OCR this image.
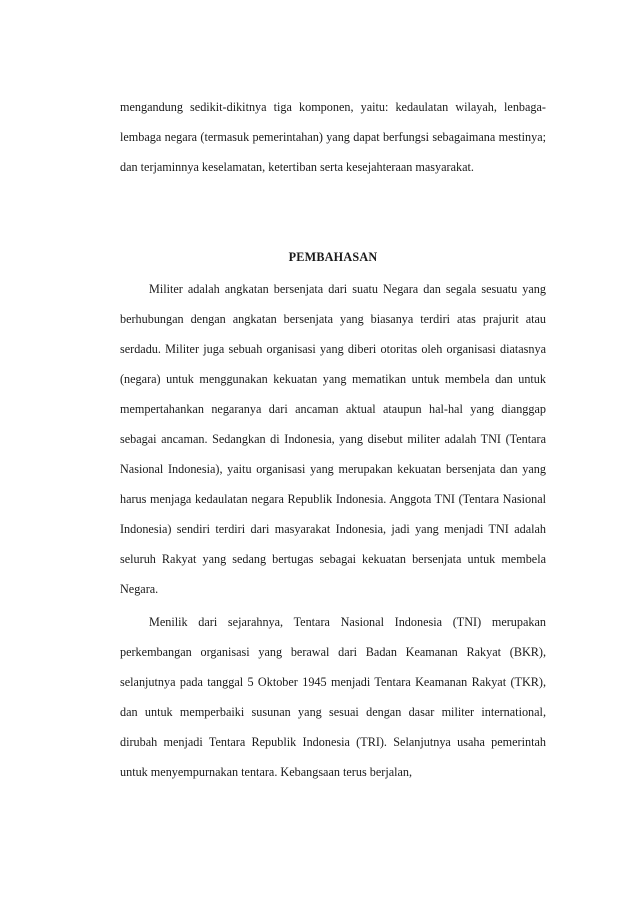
mengandung sedikit-dikitnya tiga komponen, yaitu: kedaulatan wilayah, lenbaga-lembaga negara (termasuk pemerintahan) yang dapat berfungsi sebagaimana mestinya; dan terjaminnya keselamatan, ketertiban serta kesejahteraan masyarakat.

PEMBAHASAN

Militer adalah angkatan bersenjata dari suatu Negara dan segala sesuatu yang berhubungan dengan angkatan bersenjata yang biasanya terdiri atas prajurit atau serdadu. Militer juga sebuah organisasi yang diberi otoritas oleh organisasi diatasnya (negara) untuk menggunakan kekuatan yang mematikan untuk membela dan untuk mempertahankan negaranya dari ancaman aktual ataupun hal-hal yang dianggap sebagai ancaman. Sedangkan di Indonesia, yang disebut militer adalah TNI (Tentara Nasional Indonesia), yaitu organisasi yang merupakan kekuatan bersenjata dan yang harus menjaga kedaulatan negara Republik Indonesia. Anggota TNI (Tentara Nasional Indonesia) sendiri terdiri dari masyarakat Indonesia, jadi yang menjadi TNI adalah seluruh Rakyat yang sedang bertugas sebagai kekuatan bersenjata untuk membela Negara.

Menilik dari sejarahnya, Tentara Nasional Indonesia (TNI) merupakan perkembangan organisasi yang berawal dari Badan Keamanan Rakyat (BKR), selanjutnya pada tanggal 5 Oktober 1945 menjadi Tentara Keamanan Rakyat (TKR), dan untuk memperbaiki susunan yang sesuai dengan dasar militer international, dirubah menjadi Tentara Republik Indonesia (TRI). Selanjutnya usaha pemerintah untuk menyempurnakan tentara. Kebangsaan terus berjalan,
